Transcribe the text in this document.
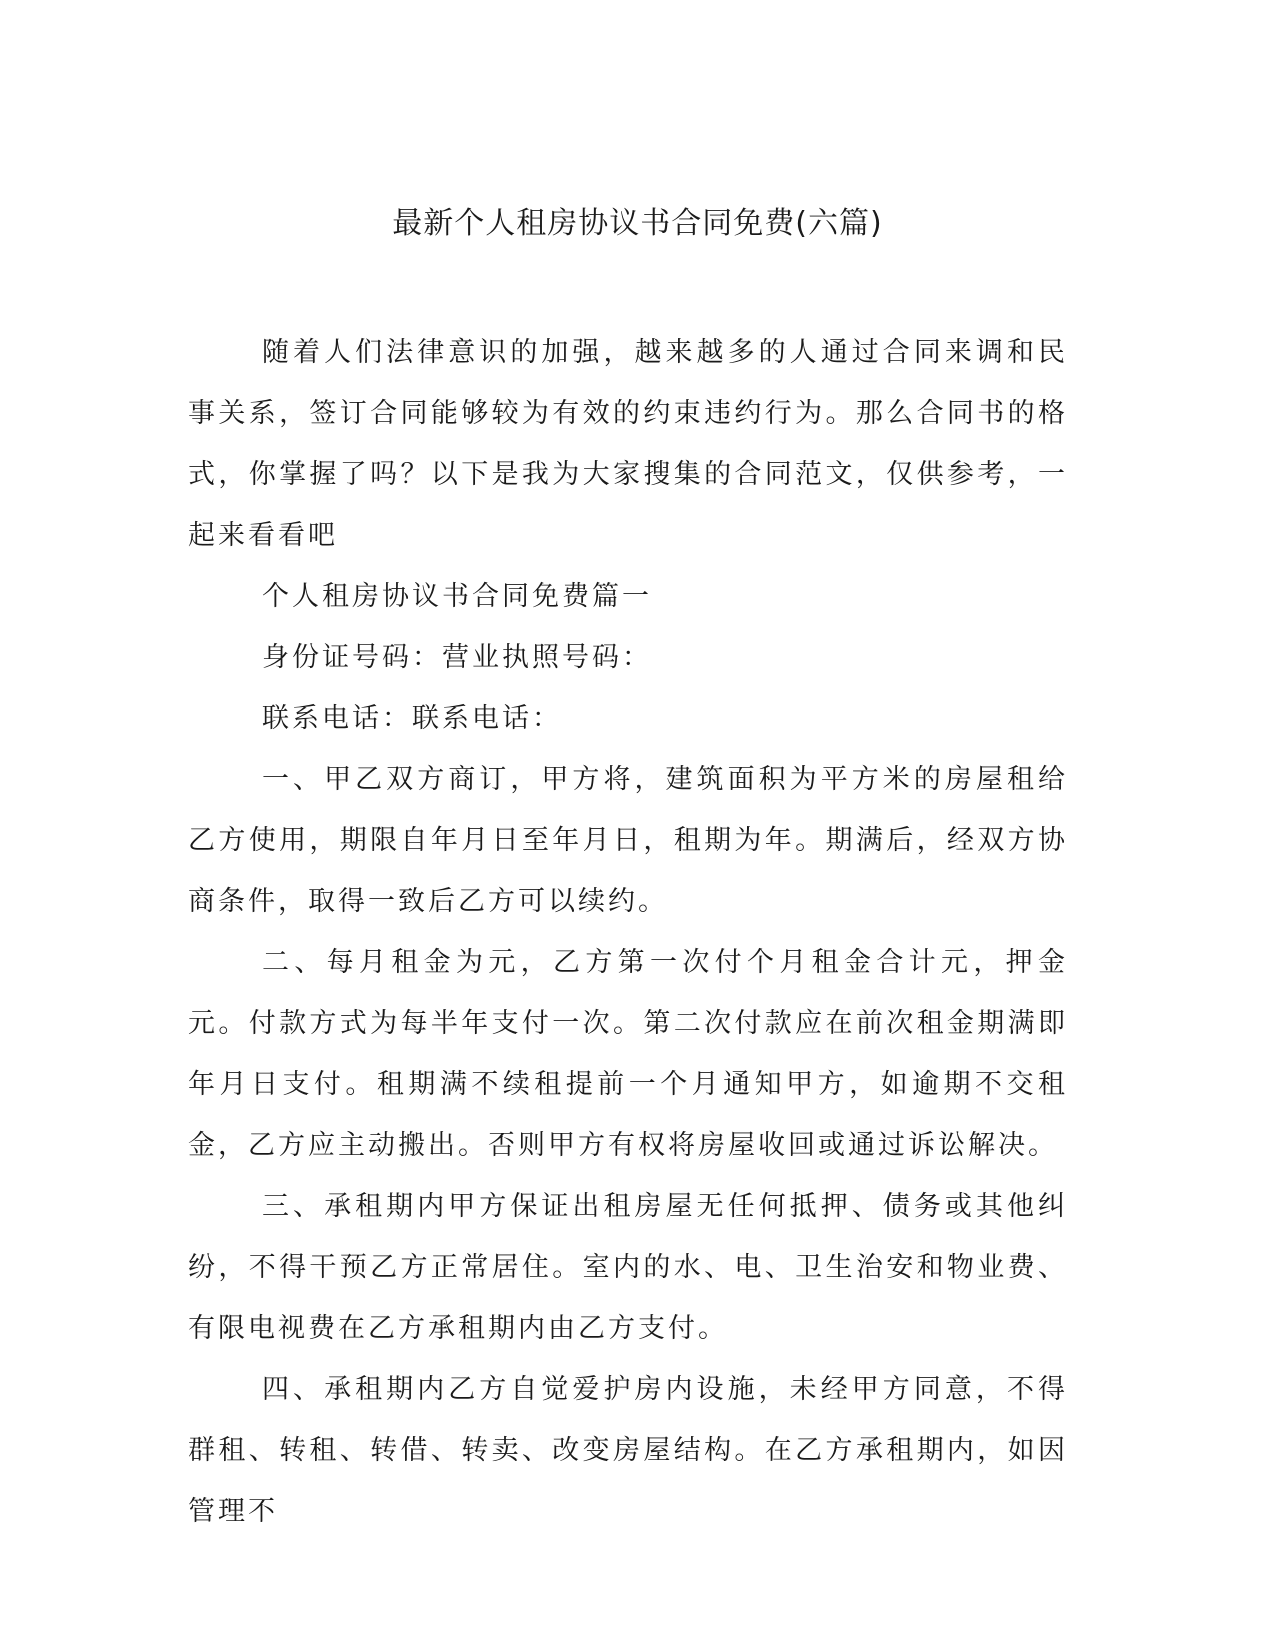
最新个人租房协议书合同免费(六篇)

随着人们法律意识的加强，越来越多的人通过合同来调和民事关系，签订合同能够较为有效的约束违约行为。那么合同书的格式，你掌握了吗？以下是我为大家搜集的合同范文，仅供参考，一起来看看吧

个人租房协议书合同免费篇一

身份证号码：营业执照号码：

联系电话：联系电话：

一、甲乙双方商订，甲方将，建筑面积为平方米的房屋租给乙方使用，期限自年月日至年月日，租期为年。期满后，经双方协商条件，取得一致后乙方可以续约。

二、每月租金为元，乙方第一次付个月租金合计元，押金元。付款方式为每半年支付一次。第二次付款应在前次租金期满即年月日支付。租期满不续租提前一个月通知甲方，如逾期不交租金，乙方应主动搬出。否则甲方有权将房屋收回或通过诉讼解决。

三、承租期内甲方保证出租房屋无任何抵押、债务或其他纠纷，不得干预乙方正常居住。室内的水、电、卫生治安和物业费、有限电视费在乙方承租期内由乙方支付。

四、承租期内乙方自觉爱护房内设施，未经甲方同意，不得群租、转租、转借、转卖、改变房屋结构。在乙方承租期内，如因管理不
